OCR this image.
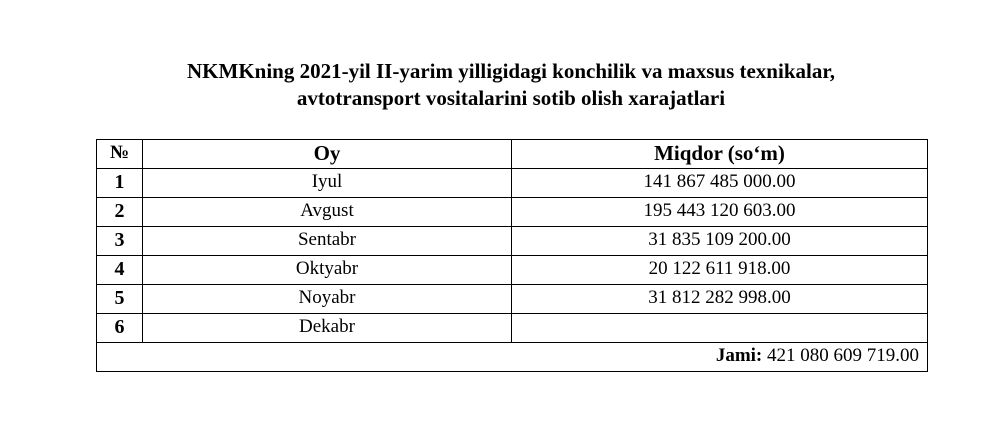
NKMKning 2021-yil II-yarim yilligidagi konchilik va maxsus texnikalar,
avtotransport vositalarini sotib olish xarajatlari
№	Oy	Miqdor (so‘m)
1	Iyul	141 867 485 000.00
2	Avgust	195 443 120 603.00
3	Sentabr	31 835 109 200.00
4	Oktyabr	20 122 611 918.00
5	Noyabr	31 812 282 998.00
6	Dekabr	
Jami: 421 080 609 719.00		
